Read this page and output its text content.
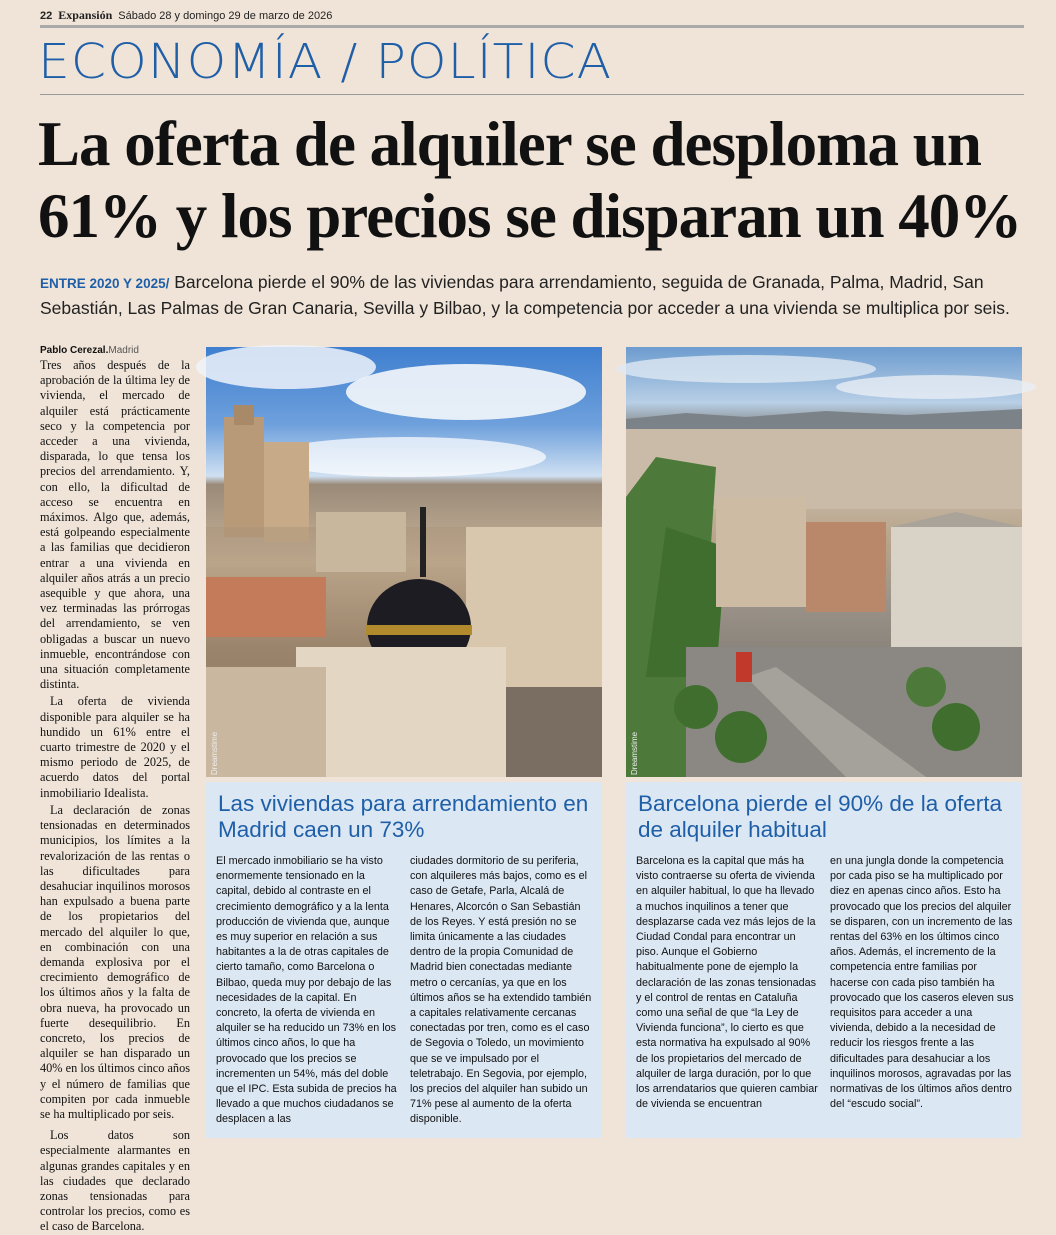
22 Expansión Sábado 28 y domingo 29 de marzo de 2026
ECONOMÍA / POLÍTICA
La oferta de alquiler se desploma un 61% y los precios se disparan un 40%
ENTRE 2020 Y 2025/ Barcelona pierde el 90% de las viviendas para arrendamiento, seguida de Granada, Palma, Madrid, San Sebastián, Las Palmas de Gran Canaria, Sevilla y Bilbao, y la competencia por acceder a una vivienda se multiplica por seis.
Pablo Cerezal.Madrid

Tres años después de la aprobación de la última ley de vivienda, el mercado de alquiler está prácticamente seco y la competencia por acceder a una vivienda, disparada, lo que tensa los precios del arrendamiento. Y, con ello, la dificultad de acceso se encuentra en máximos. Algo que, además, está golpeando especialmente a las familias que decidieron entrar a una vivienda en alquiler años atrás a un precio asequible y que ahora, una vez terminadas las prórrogas del arrendamiento, se ven obligadas a buscar un nuevo inmueble, encontrándose con una situación completamente distinta.

La oferta de vivienda disponible para alquiler se ha hundido un 61% entre el cuarto trimestre de 2020 y el mismo periodo de 2025, de acuerdo datos del portal inmobiliario Idealista.

La declaración de zonas tensionadas en determinados municipios, los límites a la revalorización de las rentas o las dificultades para desahuciar inquilinos morosos han expulsado a buena parte de los propietarios del mercado del alquiler lo que, en combinación con una demanda explosiva por el crecimiento demográfico de los últimos años y la falta de obra nueva, ha provocado un fuerte desequilibrio. En concreto, los precios de alquiler se han disparado un 40% en los últimos cinco años y el número de familias que compiten por cada inmueble se ha multiplicado por seis.

Los datos son especialmente alarmantes en algunas grandes capitales y en las ciudades que declarado zonas tensionadas para controlar los precios, como es el caso de Barcelona.

Dreamstime	Dreamstime
Las viviendas para arrendamiento en Madrid caen un 73%

El mercado inmobiliario se ha visto enormemente tensionado en la capital, debido al contraste en el crecimiento demográfico y a la lenta producción de vivienda que, aunque es muy superior en relación a sus habitantes a la de otras capitales de cierto tamaño, como Barcelona o Bilbao, queda muy por debajo de las necesidades de la capital. En concreto, la oferta de vivienda en alquiler se ha reducido un 73% en los últimos cinco años, lo que ha provocado que los precios se incrementen un 54%, más del doble que el IPC. Esta subida de precios ha llevado a que muchos ciudadanos se desplacen a las

ciudades dormitorio de su periferia, con alquileres más bajos, como es el caso de Getafe, Parla, Alcalá de Henares, Alcorcón o San Sebastián de los Reyes. Y está presión no se limita únicamente a las ciudades dentro de la propia Comunidad de Madrid bien conectadas mediante metro o cercanías, ya que en los últimos años se ha extendido también a capitales relativamente cercanas conectadas por tren, como es el caso de Segovia o Toledo, un movimiento que se ve impulsado por el teletrabajo. En Segovia, por ejemplo, los precios del alquiler han subido un 71% pese al aumento de la oferta disponible.

Barcelona pierde el 90% de la oferta de alquiler habitual

Barcelona es la capital que más ha visto contraerse su oferta de vivienda en alquiler habitual, lo que ha llevado a muchos inquilinos a tener que desplazarse cada vez más lejos de la Ciudad Condal para encontrar un piso. Aunque el Gobierno habitualmente pone de ejemplo la declaración de las zonas tensionadas y el control de rentas en Cataluña como una señal de que “la Ley de Vivienda funciona”, lo cierto es que esta normativa ha expulsado al 90% de los propietarios del mercado de alquiler de larga duración, por lo que los arrendatarios que quieren cambiar de vivienda se encuentran

en una jungla donde la competencia por cada piso se ha multiplicado por diez en apenas cinco años. Esto ha provocado que los precios del alquiler se disparen, con un incremento de las rentas del 63% en los últimos cinco años. Además, el incremento de la competencia entre familias por hacerse con cada piso también ha provocado que los caseros eleven sus requisitos para acceder a una vivienda, debido a la necesidad de reducir los riesgos frente a las dificultades para desahuciar a los inquilinos morosos, agravadas por las normativas de los últimos años dentro del “escudo social”.
